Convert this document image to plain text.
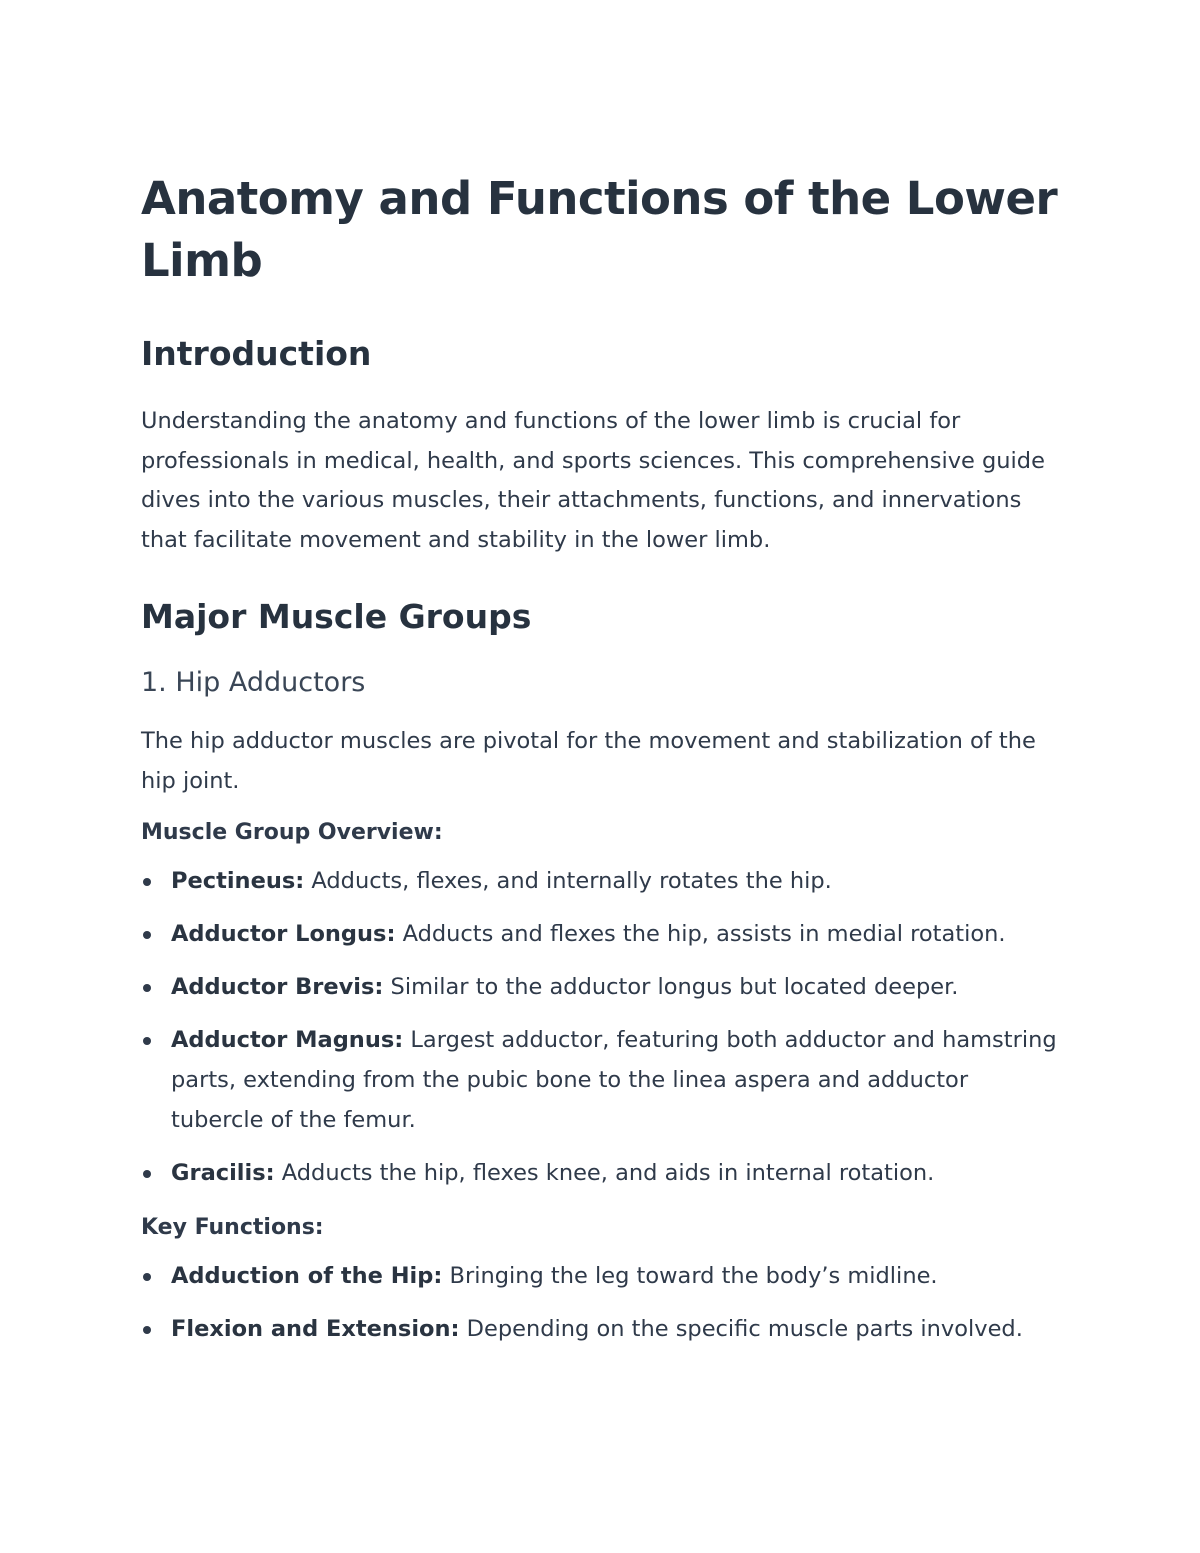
Anatomy and Functions of the Lower Limb
Introduction

Understanding the anatomy and functions of the lower limb is crucial for professionals in medical, health, and sports sciences. This comprehensive guide dives into the various muscles, their attachments, functions, and innervations that facilitate movement and stability in the lower limb.

Major Muscle Groups
1. Hip Adductors

The hip adductor muscles are pivotal for the movement and stabilization of the hip joint.

Muscle Group Overview:
Pectineus: Adducts, flexes, and internally rotates the hip.
Adductor Longus: Adducts and flexes the hip, assists in medial rotation.
Adductor Brevis: Similar to the adductor longus but located deeper.
Adductor Magnus: Largest adductor, featuring both adductor and hamstring parts, extending from the pubic bone to the linea aspera and adductor tubercle of the femur.
Gracilis: Adducts the hip, flexes knee, and aids in internal rotation.
Key Functions:
Adduction of the Hip: Bringing the leg toward the body’s midline.
Flexion and Extension: Depending on the specific muscle parts involved.
